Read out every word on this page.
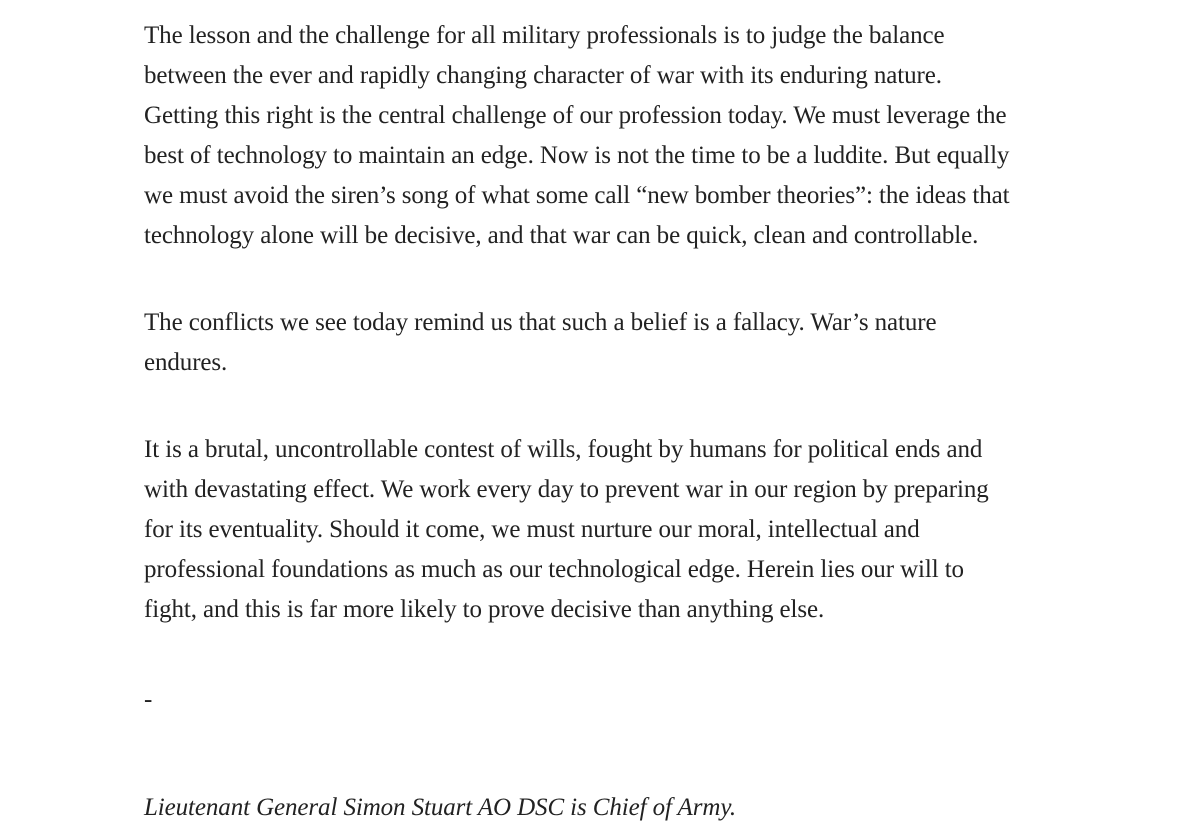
The lesson and the challenge for all military professionals is to judge the balance
between the ever and rapidly changing character of war with its enduring nature.
Getting this right is the central challenge of our profession today. We must leverage the
best of technology to maintain an edge. Now is not the time to be a luddite. But equally
we must avoid the siren’s song of what some call “new bomber theories”: the ideas that
technology alone will be decisive, and that war can be quick, clean and controllable.

The conflicts we see today remind us that such a belief is a fallacy. War’s nature
endures.

It is a brutal, uncontrollable contest of wills, fought by humans for political ends and
with devastating effect. We work every day to prevent war in our region by preparing
for its eventuality. Should it come, we must nurture our moral, intellectual and
professional foundations as much as our technological edge. Herein lies our will to
fight, and this is far more likely to prove decisive than anything else.

-

Lieutenant General Simon Stuart AO DSC is Chief of Army.
